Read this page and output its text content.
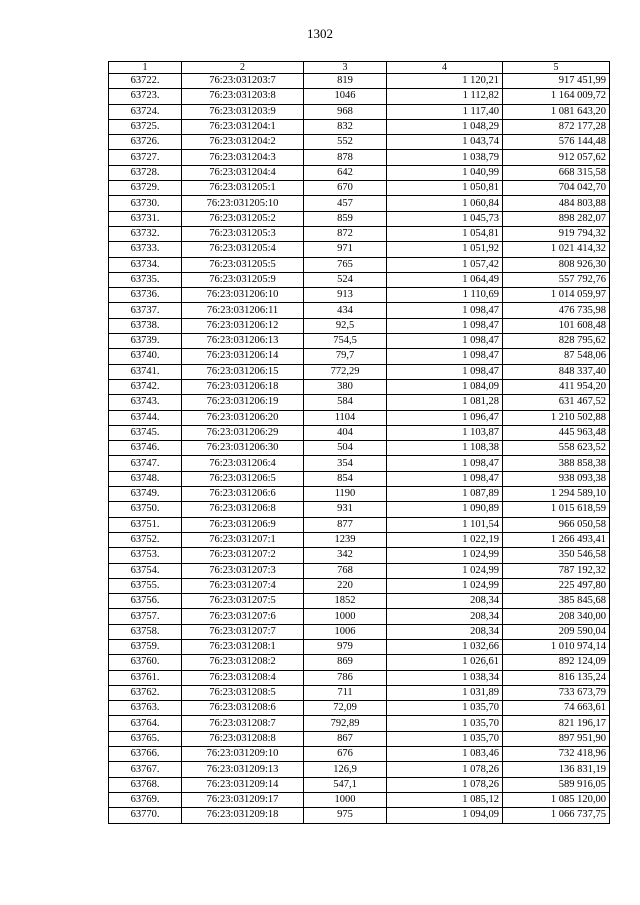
1302
1	2	3	4	5
63722.	76:23:031203:7	819	1 120,21	917 451,99
63723.	76:23:031203:8	1046	1 112,82	1 164 009,72
63724.	76:23:031203:9	968	1 117,40	1 081 643,20
63725.	76:23:031204:1	832	1 048,29	872 177,28
63726.	76:23:031204:2	552	1 043,74	576 144,48
63727.	76:23:031204:3	878	1 038,79	912 057,62
63728.	76:23:031204:4	642	1 040,99	668 315,58
63729.	76:23:031205:1	670	1 050,81	704 042,70
63730.	76:23:031205:10	457	1 060,84	484 803,88
63731.	76:23:031205:2	859	1 045,73	898 282,07
63732.	76:23:031205:3	872	1 054,81	919 794,32
63733.	76:23:031205:4	971	1 051,92	1 021 414,32
63734.	76:23:031205:5	765	1 057,42	808 926,30
63735.	76:23:031205:9	524	1 064,49	557 792,76
63736.	76:23:031206:10	913	1 110,69	1 014 059,97
63737.	76:23:031206:11	434	1 098,47	476 735,98
63738.	76:23:031206:12	92,5	1 098,47	101 608,48
63739.	76:23:031206:13	754,5	1 098,47	828 795,62
63740.	76:23:031206:14	79,7	1 098,47	87 548,06
63741.	76:23:031206:15	772,29	1 098,47	848 337,40
63742.	76:23:031206:18	380	1 084,09	411 954,20
63743.	76:23:031206:19	584	1 081,28	631 467,52
63744.	76:23:031206:20	1104	1 096,47	1 210 502,88
63745.	76:23:031206:29	404	1 103,87	445 963,48
63746.	76:23:031206:30	504	1 108,38	558 623,52
63747.	76:23:031206:4	354	1 098,47	388 858,38
63748.	76:23:031206:5	854	1 098,47	938 093,38
63749.	76:23:031206:6	1190	1 087,89	1 294 589,10
63750.	76:23:031206:8	931	1 090,89	1 015 618,59
63751.	76:23:031206:9	877	1 101,54	966 050,58
63752.	76:23:031207:1	1239	1 022,19	1 266 493,41
63753.	76:23:031207:2	342	1 024,99	350 546,58
63754.	76:23:031207:3	768	1 024,99	787 192,32
63755.	76:23:031207:4	220	1 024,99	225 497,80
63756.	76:23:031207:5	1852	208,34	385 845,68
63757.	76:23:031207:6	1000	208,34	208 340,00
63758.	76:23:031207:7	1006	208,34	209 590,04
63759.	76:23:031208:1	979	1 032,66	1 010 974,14
63760.	76:23:031208:2	869	1 026,61	892 124,09
63761.	76:23:031208:4	786	1 038,34	816 135,24
63762.	76:23:031208:5	711	1 031,89	733 673,79
63763.	76:23:031208:6	72,09	1 035,70	74 663,61
63764.	76:23:031208:7	792,89	1 035,70	821 196,17
63765.	76:23:031208:8	867	1 035,70	897 951,90
63766.	76:23:031209:10	676	1 083,46	732 418,96
63767.	76:23:031209:13	126,9	1 078,26	136 831,19
63768.	76:23:031209:14	547,1	1 078,26	589 916,05
63769.	76:23:031209:17	1000	1 085,12	1 085 120,00
63770.	76:23:031209:18	975	1 094,09	1 066 737,75
